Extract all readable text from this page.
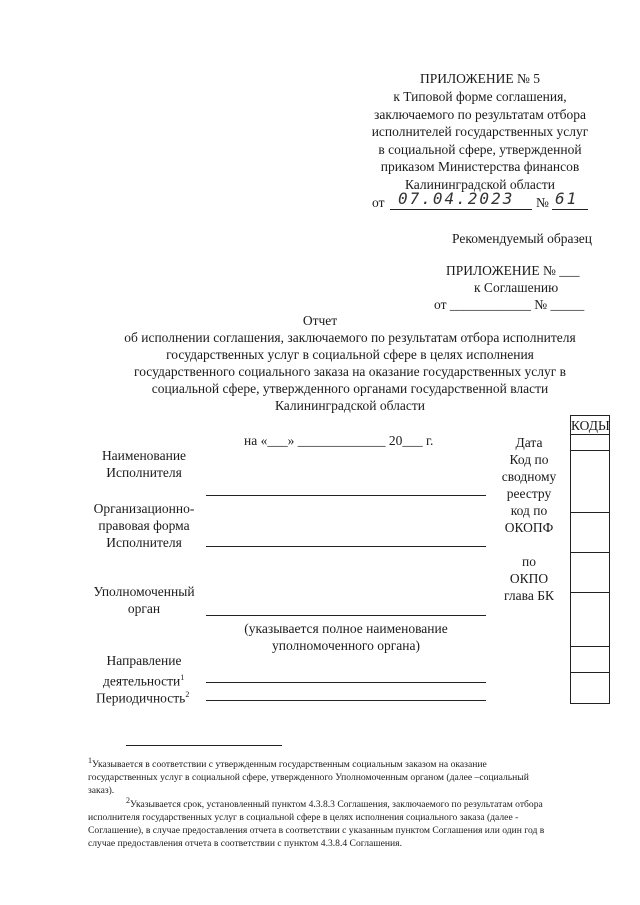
ПРИЛОЖЕНИЕ № 5
к Типовой форме соглашения,
заключаемого по результатам отбора
исполнителей государственных услуг
в социальной сфере, утвержденной
приказом Министерства финансов
Калининградской области
от 07.04.2023 № 61
Рекомендуемый образец
ПРИЛОЖЕНИЕ № ___
к Соглашению
от ____________ № _____
Отчет
об исполнении соглашения, заключаемого по результатам отбора исполнителя
государственных услуг в социальной сфере в целях исполнения
государственного социального заказа на оказание государственных услуг в
социальной сфере, утвержденного органами государственной власти
Калининградской области
на «___» _____________ 20___ г.
Наименование
Исполнителя
Организационно-
правовая форма
Исполнителя
Уполномоченный
орган
(указывается полное наименование
уполномоченного органа)
Направление
деятельности$^1$
Периодичность$^2$
Дата
Код по
сводному
реестру
код по
ОКОПФ
по
ОКПО
глава БК
КОДЫ
$^1$Указывается в соответствии с утвержденным государственным социальным заказом на оказание
государственных услуг в социальной сфере, утвержденного Уполномоченным органом (далее –социальный
заказ).
$^2$Указывается срок, установленный пунктом 4.3.8.3 Соглашения, заключаемого по результатам отбора
исполнителя государственных услуг в социальной сфере в целях исполнения социального заказа (далее -
Соглашение), в случае предоставления отчета в соответствии с указанным пунктом Соглашения или один год в
случае предоставления отчета в соответствии с пунктом 4.3.8.4 Соглашения.
